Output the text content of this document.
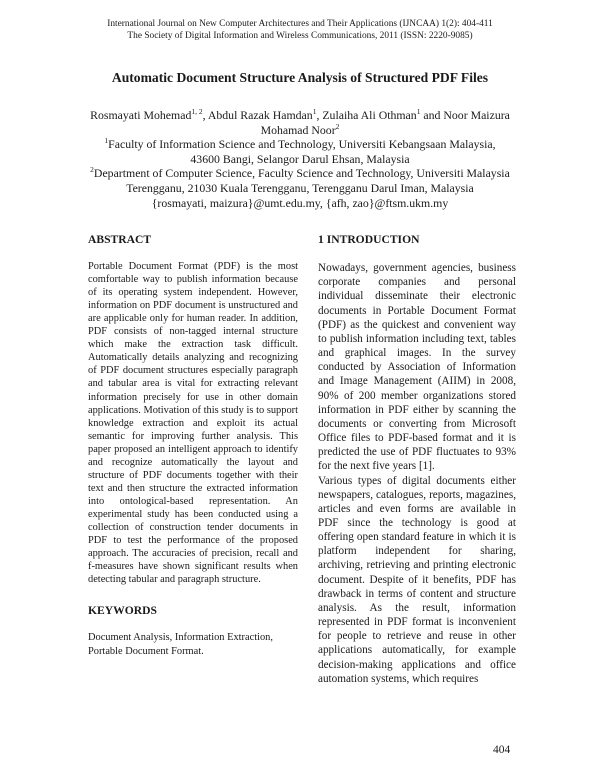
International Journal on New Computer Architectures and Their Applications (IJNCAA) 1(2): 404-411
The Society of Digital Information and Wireless Communications, 2011 (ISSN: 2220-9085)
Automatic Document Structure Analysis of Structured PDF Files
Rosmayati Mohemad$^{1, 2}$, Abdul Razak Hamdan$^1$, Zulaiha Ali Othman$^1$ and Noor Maizura
Mohamad Noor$^2$
$^1$Faculty of Information Science and Technology, Universiti Kebangsaan Malaysia,
43600 Bangi, Selangor Darul Ehsan, Malaysia
$^2$Department of Computer Science, Faculty Science and Technology, Universiti Malaysia
Terengganu, 21030 Kuala Terengganu, Terengganu Darul Iman, Malaysia
{rosmayati, maizura}@umt.edu.my, {afh, zao}@ftsm.ukm.my
ABSTRACT

Portable Document Format (PDF) is the most comfortable way to publish information because of its operating system independent. However, information on PDF document is unstructured and are applicable only for human reader. In addition, PDF consists of non-tagged internal structure which make the extraction task difficult. Automatically details analyzing and recognizing of PDF document structures especially paragraph and tabular area is vital for extracting relevant information precisely for use in other domain applications. Motivation of this study is to support knowledge extraction and exploit its actual semantic for improving further analysis. This paper proposed an intelligent approach to identify and recognize automatically the layout and structure of PDF documents together with their text and then structure the extracted information into ontological-based representation. An experimental study has been conducted using a collection of construction tender documents in PDF to test the performance of the proposed approach. The accuracies of precision, recall and f-measures have shown significant results when detecting tabular and paragraph structure.

KEYWORDS

Document Analysis, Information Extraction, Portable Document Format.

1 INTRODUCTION

Nowadays, government agencies, business corporate companies and personal individual disseminate their electronic documents in Portable Document Format (PDF) as the quickest and convenient way to publish information including text, tables and graphical images. In the survey conducted by Association of Information and Image Management (AIIM) in 2008, 90% of 200 member organizations stored information in PDF either by scanning the documents or converting from Microsoft Office files to PDF-based format and it is predicted the use of PDF fluctuates to 93% for the next five years [1].

Various types of digital documents either newspapers, catalogues, reports, magazines, articles and even forms are available in PDF since the technology is good at offering open standard feature in which it is platform independent for sharing, archiving, retrieving and printing electronic document. Despite of it benefits, PDF has drawback in terms of content and structure analysis. As the result, information represented in PDF format is inconvenient for people to retrieve and reuse in other applications automatically, for example decision-making applications and office automation systems, which requires

404
